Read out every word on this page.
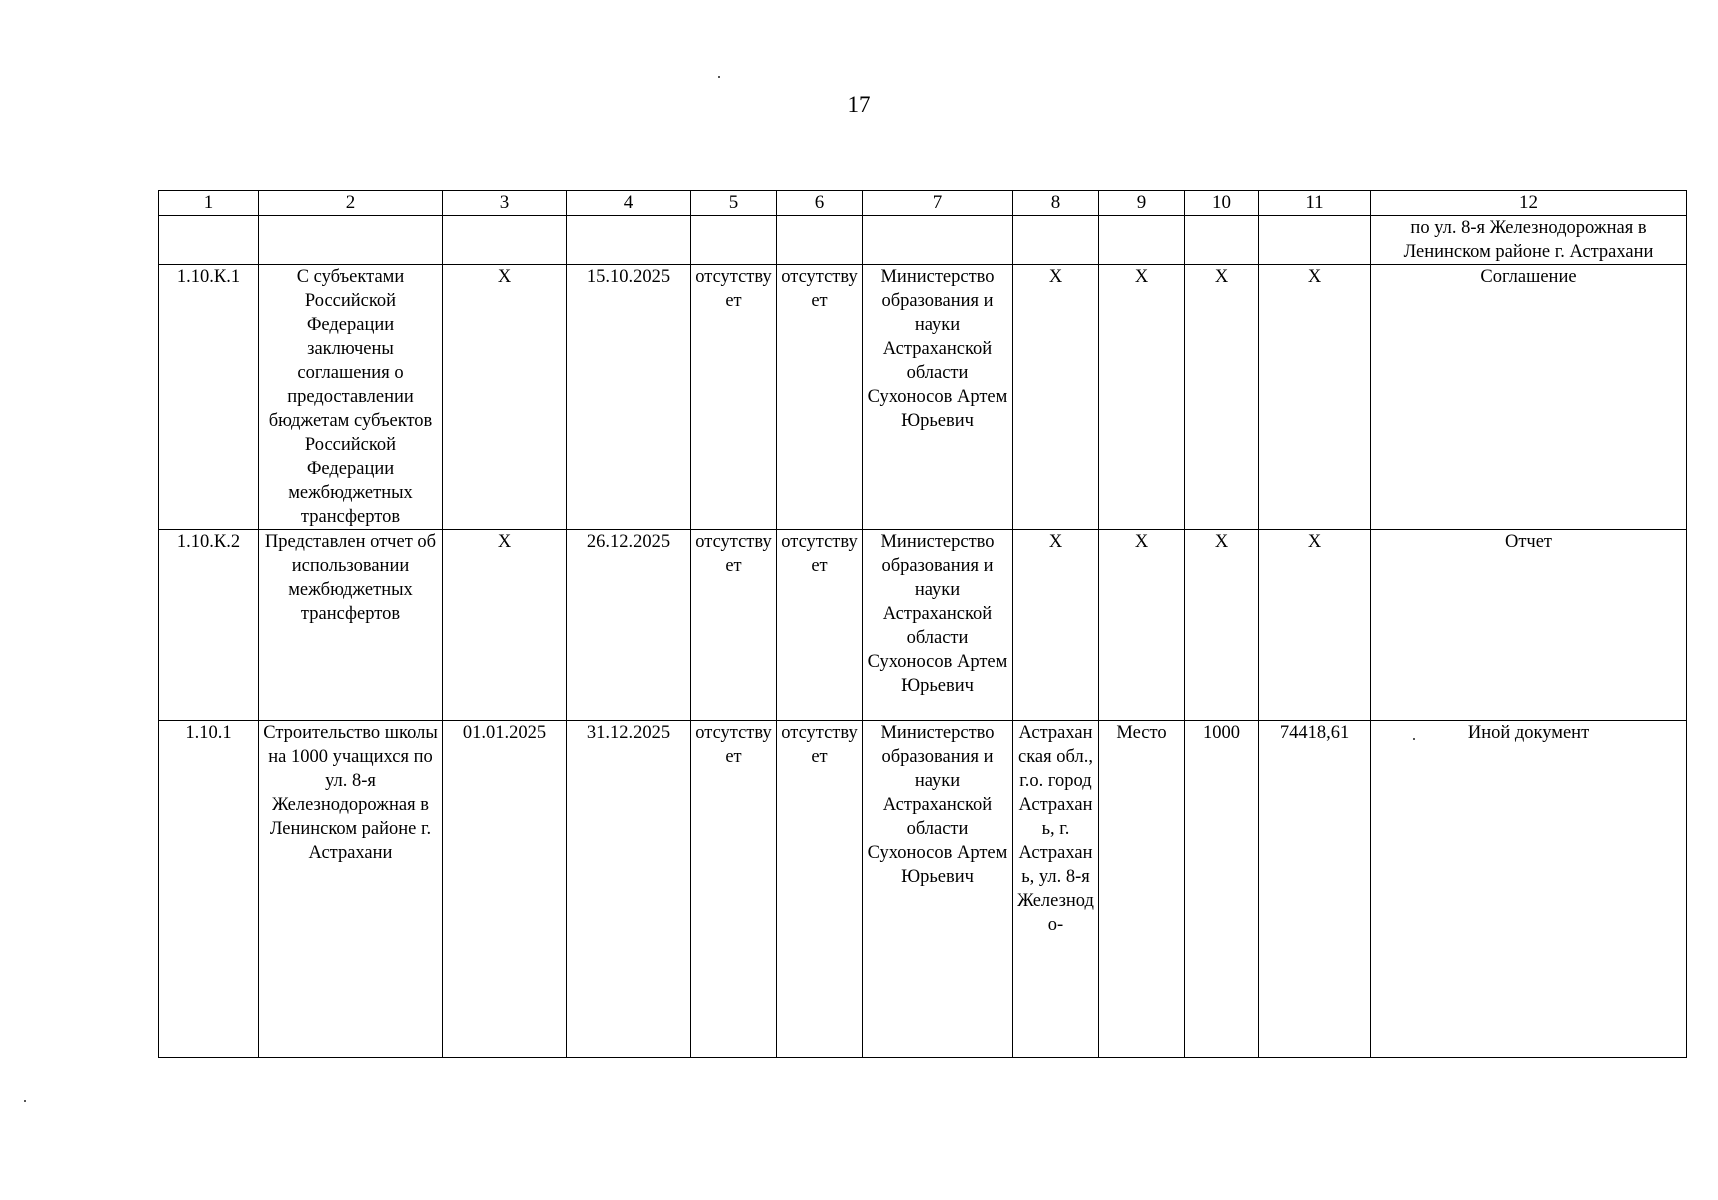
17
1	2	3	4	5	6	7	8	9	10	11	12
											по ул. 8-я Железнодорожная в Ленинском районе г. Астрахани
1.10.К.1	С субъектами Российской Федерации заключены соглашения о предоставлении бюджетам субъектов Российской Федерации межбюджетных трансфертов	X	15.10.2025	отсутствует	отсутствует	Министерство образования и науки Астраханской области Сухоносов Артем Юрьевич	X	X	X	X	Соглашение
1.10.К.2	Представлен отчет об использовании межбюджетных трансфертов	X	26.12.2025	отсутствует	отсутствует	Министерство образования и науки Астраханской области Сухоносов Артем Юрьевич	X	X	X	X	Отчет
1.10.1	Строительство школы на 1000 учащихся по ул. 8-я Железнодорожная в Ленинском районе г. Астрахани	01.01.2025	31.12.2025	отсутствует	отсутствует	Министерство образования и науки Астраханской области Сухоносов Артем Юрьевич	Астраханская обл., г.о. город Астрахань, г. Астрахань, ул. 8-я Железнодо-	Место	1000	74418,61	Иной документ
